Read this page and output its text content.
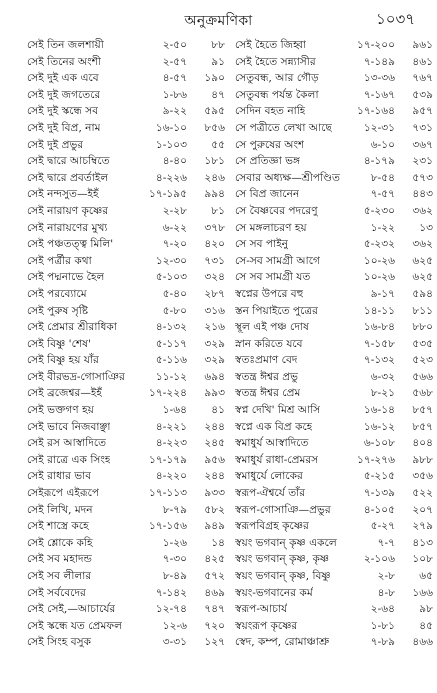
অনুক্রমণিকা	১০৩৭
সেই তিন জলশায়ী	২-৫০ ৮৮
সেই তিনের অংশী	২-৫৭ ৯১
সেই দুই এক এবে	৪-৫৭ ১৯০
সেই দুই জগতেরে	১-৮৬ ৪৭
সেই দুই স্কন্ধে সব	৯-২২ ৫৯৫
সেই দুই বিপ্র, নাম	১৬-১০ ৮৫৬
সেই দুই প্রভুর	১-১০৩ ৫৫
সেই দ্বারে আচম্বিতে	৪-৪০ ১৮১
সেই দ্বারে প্রবর্তাইল	৪-২২৬ ২৪৬
সেই নন্দসুত—ইহঁ	১৭-১৯৫ ৯৯৪
সেই নারায়ণ কৃষ্ণের	২-২৮ ৮১
সেই নারায়ণের মুখ্য	৬-২২ ৩৭৮
সেই পঞ্চতত্ত্ব মিলি'	৭-২০ ৪২০
সেই পর্ত্রীর কথা	১২-৩০ ৭৩১
সেই পদ্মনাভে হৈল	৫-১০৩ ৩২৪
সেই পরব্যোমে	৫-৪০ ২৮৭
সেই পুরুষ সৃষ্টি	৫-৮০ ৩১৬
সেই প্রেমার শ্রীরাধিকা	৪-১৩২ ২১৬
সেই বিষ্ণু 'শেষ'	৫-১১৭ ৩২৯
সেই বিষ্ণু হয় যাঁর	৫-১১৬ ৩২৯
সেই বীরভদ্র-গোসাঞির	১১-১২ ৬৯৪
সেই ব্রজেশ্বর—ইহঁ	১৭-২২৪ ৯৯৩
সেই ভক্তগণ হয়	১-৬৪ ৪১
সেই ভাবে নিজবাঞ্ছা	৪-২২১ ২৪৪
সেই রস আস্বাদিতে	৪-২২৩ ২৪৫
সেই রাত্রে এক সিংহ	১৭-১৭৯ ৯৫৬
সেই রাধার ভাব	৪-২২০ ২৪৪
সেইরূপে এইরূপে	১৭-১১৩ ৯৩৩
সেই লিখি, মদন	৮-৭৯ ৫৮২
সেই শাস্ত্রে কহে	১৭-১৫৬ ৯৪৯
সেই শ্লোকে কহি	১-২৬ ১৪
সেই সব মহাদন্ড	৭-৩০ ৪২৫
সেই সব লীলার	৮-৪৯ ৫৭২
সেই সর্ববেদের	৭-১৪২ ৪৬৯
সেই সেই,—আচার্যের	১২-৭৪ ৭৪৭
সেই স্কন্ধে যত প্রেমফল	১২-৬ ৭২০
সেই সিংহ বসুক	৩-৩১ ১২৭
সেই হৈতে জিহ্বা	১৭-২০০ ৯৬১
সেই হৈতে সন্ন্যাসীর	৭-১৪৯ ৪৬১
সেতুবন্ধ, আর গৌড়	১৩-৩৬ ৭৬৭
সেতুবন্ধ পর্যন্ত কৈলা	৭-১৬৭ ৫৩৯
সেদিন বহত নাহি	১৭-১৬৪ ৯৫৭
সে পত্রীতে লেখা আছে	১২-৩১ ৭৩১
সে পুরুষের অংশ	৬-১০ ৩৬৭
সে প্রতিজ্ঞা ভঙ্গ	৪-১৭৯ ২৩১
সেবার অধ্যক্ষ—শ্রীপণ্ডিত	৮-৫৪ ৫৭৩
সে বিপ্র জানেন	৭-৫৭ ৪৪৩
সে বৈষ্ণবের পদরেণু	৫-২৩০ ৩৬২
সে মঙ্গলাচরণ হয়	১-২২ ১৩
সে সব পাইনু	৫-২৩২ ৩৬২
সে-সব সামগ্রী আগে	১০-২৬ ৬২৫
সে সব সামগ্রী যত	১০-২৬ ৬২৫
স্বপ্নের উপরে বহু	৯-১৭ ৫৯৪
স্তন পিয়াইতে পুত্রের	১৪-১১ ৮১১
স্থূল এই পঞ্চ দোষ	১৬-৮৪ ৮৮০
স্নান করিতে যবে	৭-১৫৮ ৫৩৫
স্বতঃপ্রমাণ বেদ	৭-১৩২ ৫২৩
স্বতন্ত্র ঈশ্বর প্রভু	৬-৩২ ৫৬৬
স্বতন্ত্র ঈশ্বর প্রেম	৮-২১ ৫৬৮
স্বপ্ন দেখি' মিশ্র আসি	১৬-১৪ ৮৫৭
স্বপ্নে এক বিপ্র কহে	১৬-১২ ৮৫৭
স্বমাধুর্য আস্বাদিতে	৬-১০৮ ৪০৪
স্বমাধুর্য রাধা-প্রেমরস	১৭-২৭৬ ৯৮৮
স্বমাধুর্যে লোকের	৫-২১৫ ৩৫৬
স্বরূপ-ঐশ্বর্যে তাঁর	৭-১৩৯ ৫২২
স্বরূপ-গোসাঞি—প্রভুর	৪-১০৫ ২০৭
স্বরূপবিগ্রহ কৃষ্ণের	৫-২৭ ২৭৯
স্বয়ং ভগবান্ কৃষ্ণ একলে	৭-৭ ৪১৩
স্বয়ং ভগবান্ কৃষ্ণ, কৃষ্ণ	২-১০৬ ১০৮
স্বয়ং ভগবান্ কৃষ্ণ, বিষ্ণু	২-৮ ৬৫
স্বয়ং-ভগবানের কর্ম	৪-৮ ১৬৬
স্বরূপ-আচার্য	২-৬৪ ৯৮
স্বয়ংরূপ কৃষ্ণের	১-৮১ ৪৫
স্বেদ, কম্প, রোমাঞ্চাশ্রু	৭-৮৯ ৪৬৬
